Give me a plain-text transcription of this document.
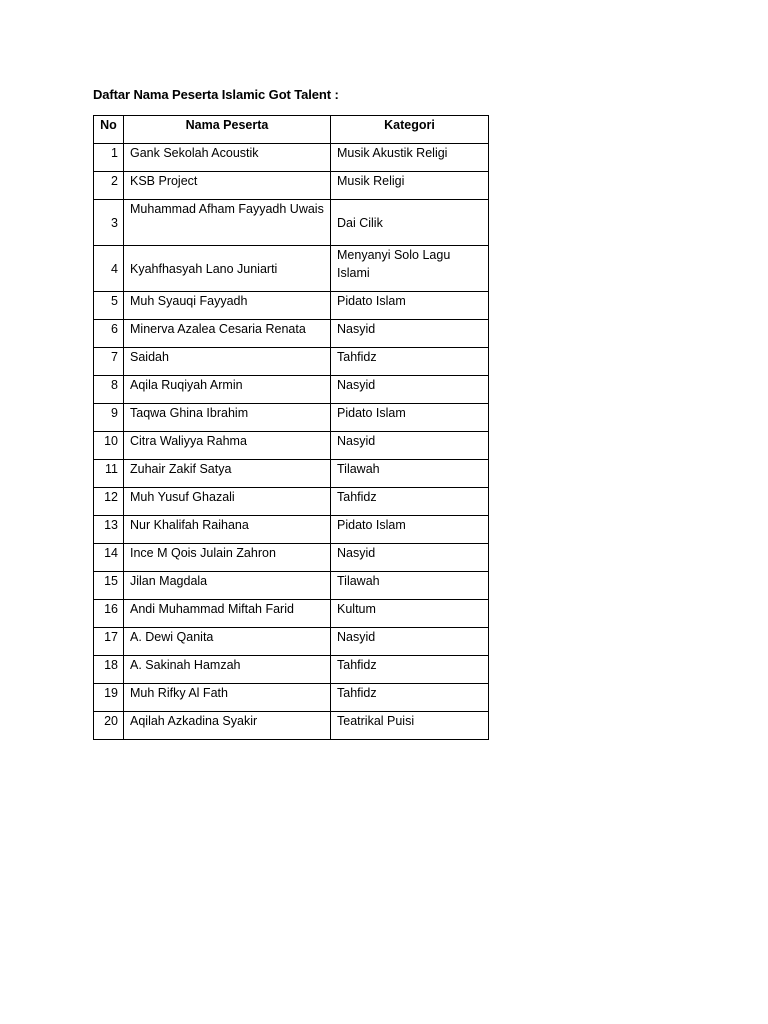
Daftar Nama Peserta Islamic Got Talent :
No	Nama Peserta	Kategori
1	Gank Sekolah Acoustik	Musik Akustik Religi
2	KSB Project	Musik Religi
3	Muhammad Afham Fayyadh Uwais	Dai Cilik
4	Kyahfhasyah Lano Juniarti	Menyanyi Solo Lagu Islami
5	Muh Syauqi Fayyadh	Pidato Islam
6	Minerva Azalea Cesaria Renata	Nasyid
7	Saidah	Tahfidz
8	Aqila Ruqiyah Armin	Nasyid
9	Taqwa Ghina Ibrahim	Pidato Islam
10	Citra Waliyya Rahma	Nasyid
11	Zuhair Zakif Satya	Tilawah
12	Muh Yusuf Ghazali	Tahfidz
13	Nur Khalifah Raihana	Pidato Islam
14	Ince M Qois Julain Zahron	Nasyid
15	Jilan Magdala	Tilawah
16	Andi Muhammad Miftah Farid	Kultum
17	A. Dewi Qanita	Nasyid
18	A. Sakinah Hamzah	Tahfidz
19	Muh Rifky Al Fath	Tahfidz
20	Aqilah Azkadina Syakir	Teatrikal Puisi
